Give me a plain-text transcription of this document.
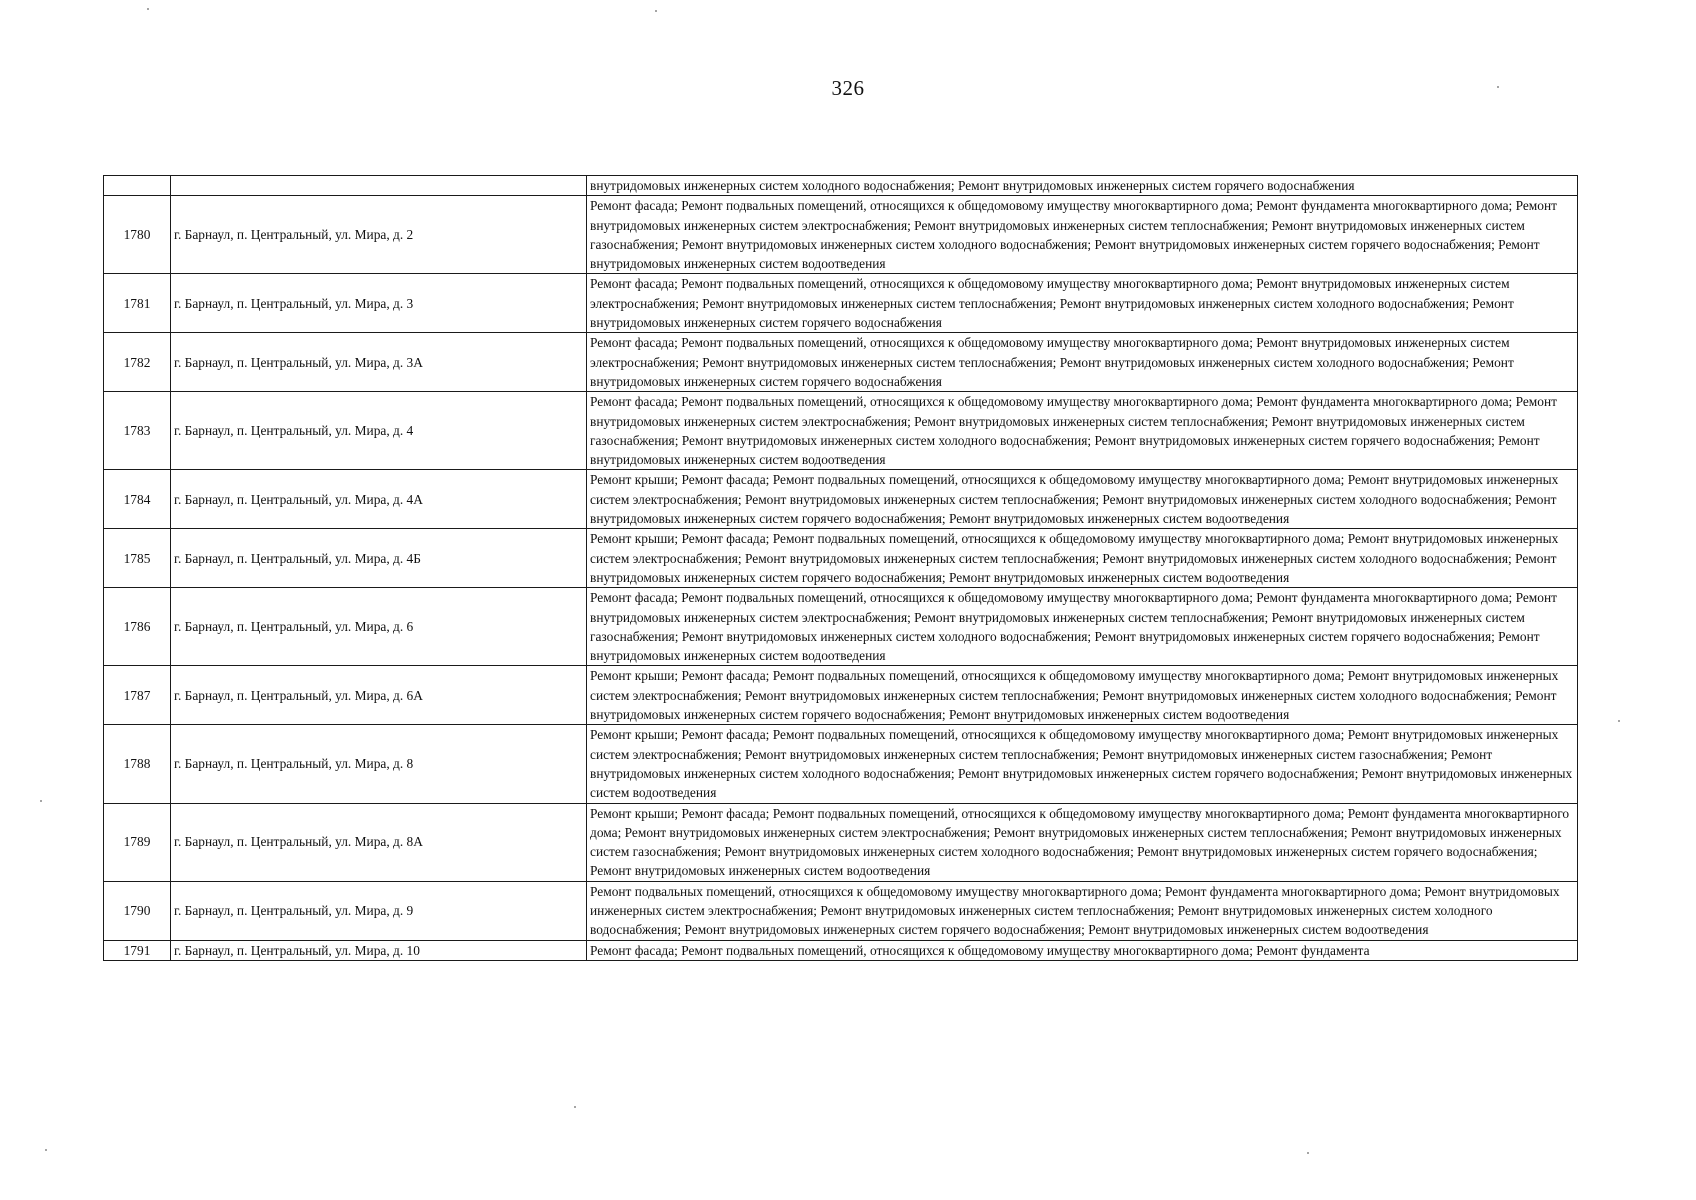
326
		внутридомовых инженерных систем холодного водоснабжения; Ремонт внутридомовых инженерных систем горячего водоснабжения
1780	г. Барнаул, п. Центральный, ул. Мира, д. 2	Ремонт фасада; Ремонт подвальных помещений, относящихся к общедомовому имуществу многоквартирного дома; Ремонт фундамента многоквартирного дома; Ремонт внутридомовых инженерных систем электроснабжения; Ремонт внутридомовых инженерных систем теплоснабжения; Ремонт внутридомовых инженерных систем газоснабжения; Ремонт внутридомовых инженерных систем холодного водоснабжения; Ремонт внутридомовых инженерных систем горячего водоснабжения; Ремонт внутридомовых инженерных систем водоотведения
1781	г. Барнаул, п. Центральный, ул. Мира, д. 3	Ремонт фасада; Ремонт подвальных помещений, относящихся к общедомовому имуществу многоквартирного дома; Ремонт внутридомовых инженерных систем электроснабжения; Ремонт внутридомовых инженерных систем теплоснабжения; Ремонт внутридомовых инженерных систем холодного водоснабжения; Ремонт внутридомовых инженерных систем горячего водоснабжения
1782	г. Барнаул, п. Центральный, ул. Мира, д. 3А	Ремонт фасада; Ремонт подвальных помещений, относящихся к общедомовому имуществу многоквартирного дома; Ремонт внутридомовых инженерных систем электроснабжения; Ремонт внутридомовых инженерных систем теплоснабжения; Ремонт внутридомовых инженерных систем холодного водоснабжения; Ремонт внутридомовых инженерных систем горячего водоснабжения
1783	г. Барнаул, п. Центральный, ул. Мира, д. 4	Ремонт фасада; Ремонт подвальных помещений, относящихся к общедомовому имуществу многоквартирного дома; Ремонт фундамента многоквартирного дома; Ремонт внутридомовых инженерных систем электроснабжения; Ремонт внутридомовых инженерных систем теплоснабжения; Ремонт внутридомовых инженерных систем газоснабжения; Ремонт внутридомовых инженерных систем холодного водоснабжения; Ремонт внутридомовых инженерных систем горячего водоснабжения; Ремонт внутридомовых инженерных систем водоотведения
1784	г. Барнаул, п. Центральный, ул. Мира, д. 4А	Ремонт крыши; Ремонт фасада; Ремонт подвальных помещений, относящихся к общедомовому имуществу многоквартирного дома; Ремонт внутридомовых инженерных систем электроснабжения; Ремонт внутридомовых инженерных систем теплоснабжения; Ремонт внутридомовых инженерных систем холодного водоснабжения; Ремонт внутридомовых инженерных систем горячего водоснабжения; Ремонт внутридомовых инженерных систем водоотведения
1785	г. Барнаул, п. Центральный, ул. Мира, д. 4Б	Ремонт крыши; Ремонт фасада; Ремонт подвальных помещений, относящихся к общедомовому имуществу многоквартирного дома; Ремонт внутридомовых инженерных систем электроснабжения; Ремонт внутридомовых инженерных систем теплоснабжения; Ремонт внутридомовых инженерных систем холодного водоснабжения; Ремонт внутридомовых инженерных систем горячего водоснабжения; Ремонт внутридомовых инженерных систем водоотведения
1786	г. Барнаул, п. Центральный, ул. Мира, д. 6	Ремонт фасада; Ремонт подвальных помещений, относящихся к общедомовому имуществу многоквартирного дома; Ремонт фундамента многоквартирного дома; Ремонт внутридомовых инженерных систем электроснабжения; Ремонт внутридомовых инженерных систем теплоснабжения; Ремонт внутридомовых инженерных систем газоснабжения; Ремонт внутридомовых инженерных систем холодного водоснабжения; Ремонт внутридомовых инженерных систем горячего водоснабжения; Ремонт внутридомовых инженерных систем водоотведения
1787	г. Барнаул, п. Центральный, ул. Мира, д. 6А	Ремонт крыши; Ремонт фасада; Ремонт подвальных помещений, относящихся к общедомовому имуществу многоквартирного дома; Ремонт внутридомовых инженерных систем электроснабжения; Ремонт внутридомовых инженерных систем теплоснабжения; Ремонт внутридомовых инженерных систем холодного водоснабжения; Ремонт внутридомовых инженерных систем горячего водоснабжения; Ремонт внутридомовых инженерных систем водоотведения
1788	г. Барнаул, п. Центральный, ул. Мира, д. 8	Ремонт крыши; Ремонт фасада; Ремонт подвальных помещений, относящихся к общедомовому имуществу многоквартирного дома; Ремонт внутридомовых инженерных систем электроснабжения; Ремонт внутридомовых инженерных систем теплоснабжения; Ремонт внутридомовых инженерных систем газоснабжения; Ремонт внутридомовых инженерных систем холодного водоснабжения; Ремонт внутридомовых инженерных систем горячего водоснабжения; Ремонт внутридомовых инженерных систем водоотведения
1789	г. Барнаул, п. Центральный, ул. Мира, д. 8А	Ремонт крыши; Ремонт фасада; Ремонт подвальных помещений, относящихся к общедомовому имуществу многоквартирного дома; Ремонт фундамента многоквартирного дома; Ремонт внутридомовых инженерных систем электроснабжения; Ремонт внутридомовых инженерных систем теплоснабжения; Ремонт внутридомовых инженерных систем газоснабжения; Ремонт внутридомовых инженерных систем холодного водоснабжения; Ремонт внутридомовых инженерных систем горячего водоснабжения; Ремонт внутридомовых инженерных систем водоотведения
1790	г. Барнаул, п. Центральный, ул. Мира, д. 9	Ремонт подвальных помещений, относящихся к общедомовому имуществу многоквартирного дома; Ремонт фундамента многоквартирного дома; Ремонт внутридомовых инженерных систем электроснабжения; Ремонт внутридомовых инженерных систем теплоснабжения; Ремонт внутридомовых инженерных систем холодного водоснабжения; Ремонт внутридомовых инженерных систем горячего водоснабжения; Ремонт внутридомовых инженерных систем водоотведения
1791	г. Барнаул, п. Центральный, ул. Мира, д. 10	Ремонт фасада; Ремонт подвальных помещений, относящихся к общедомовому имуществу многоквартирного дома; Ремонт фундамента
